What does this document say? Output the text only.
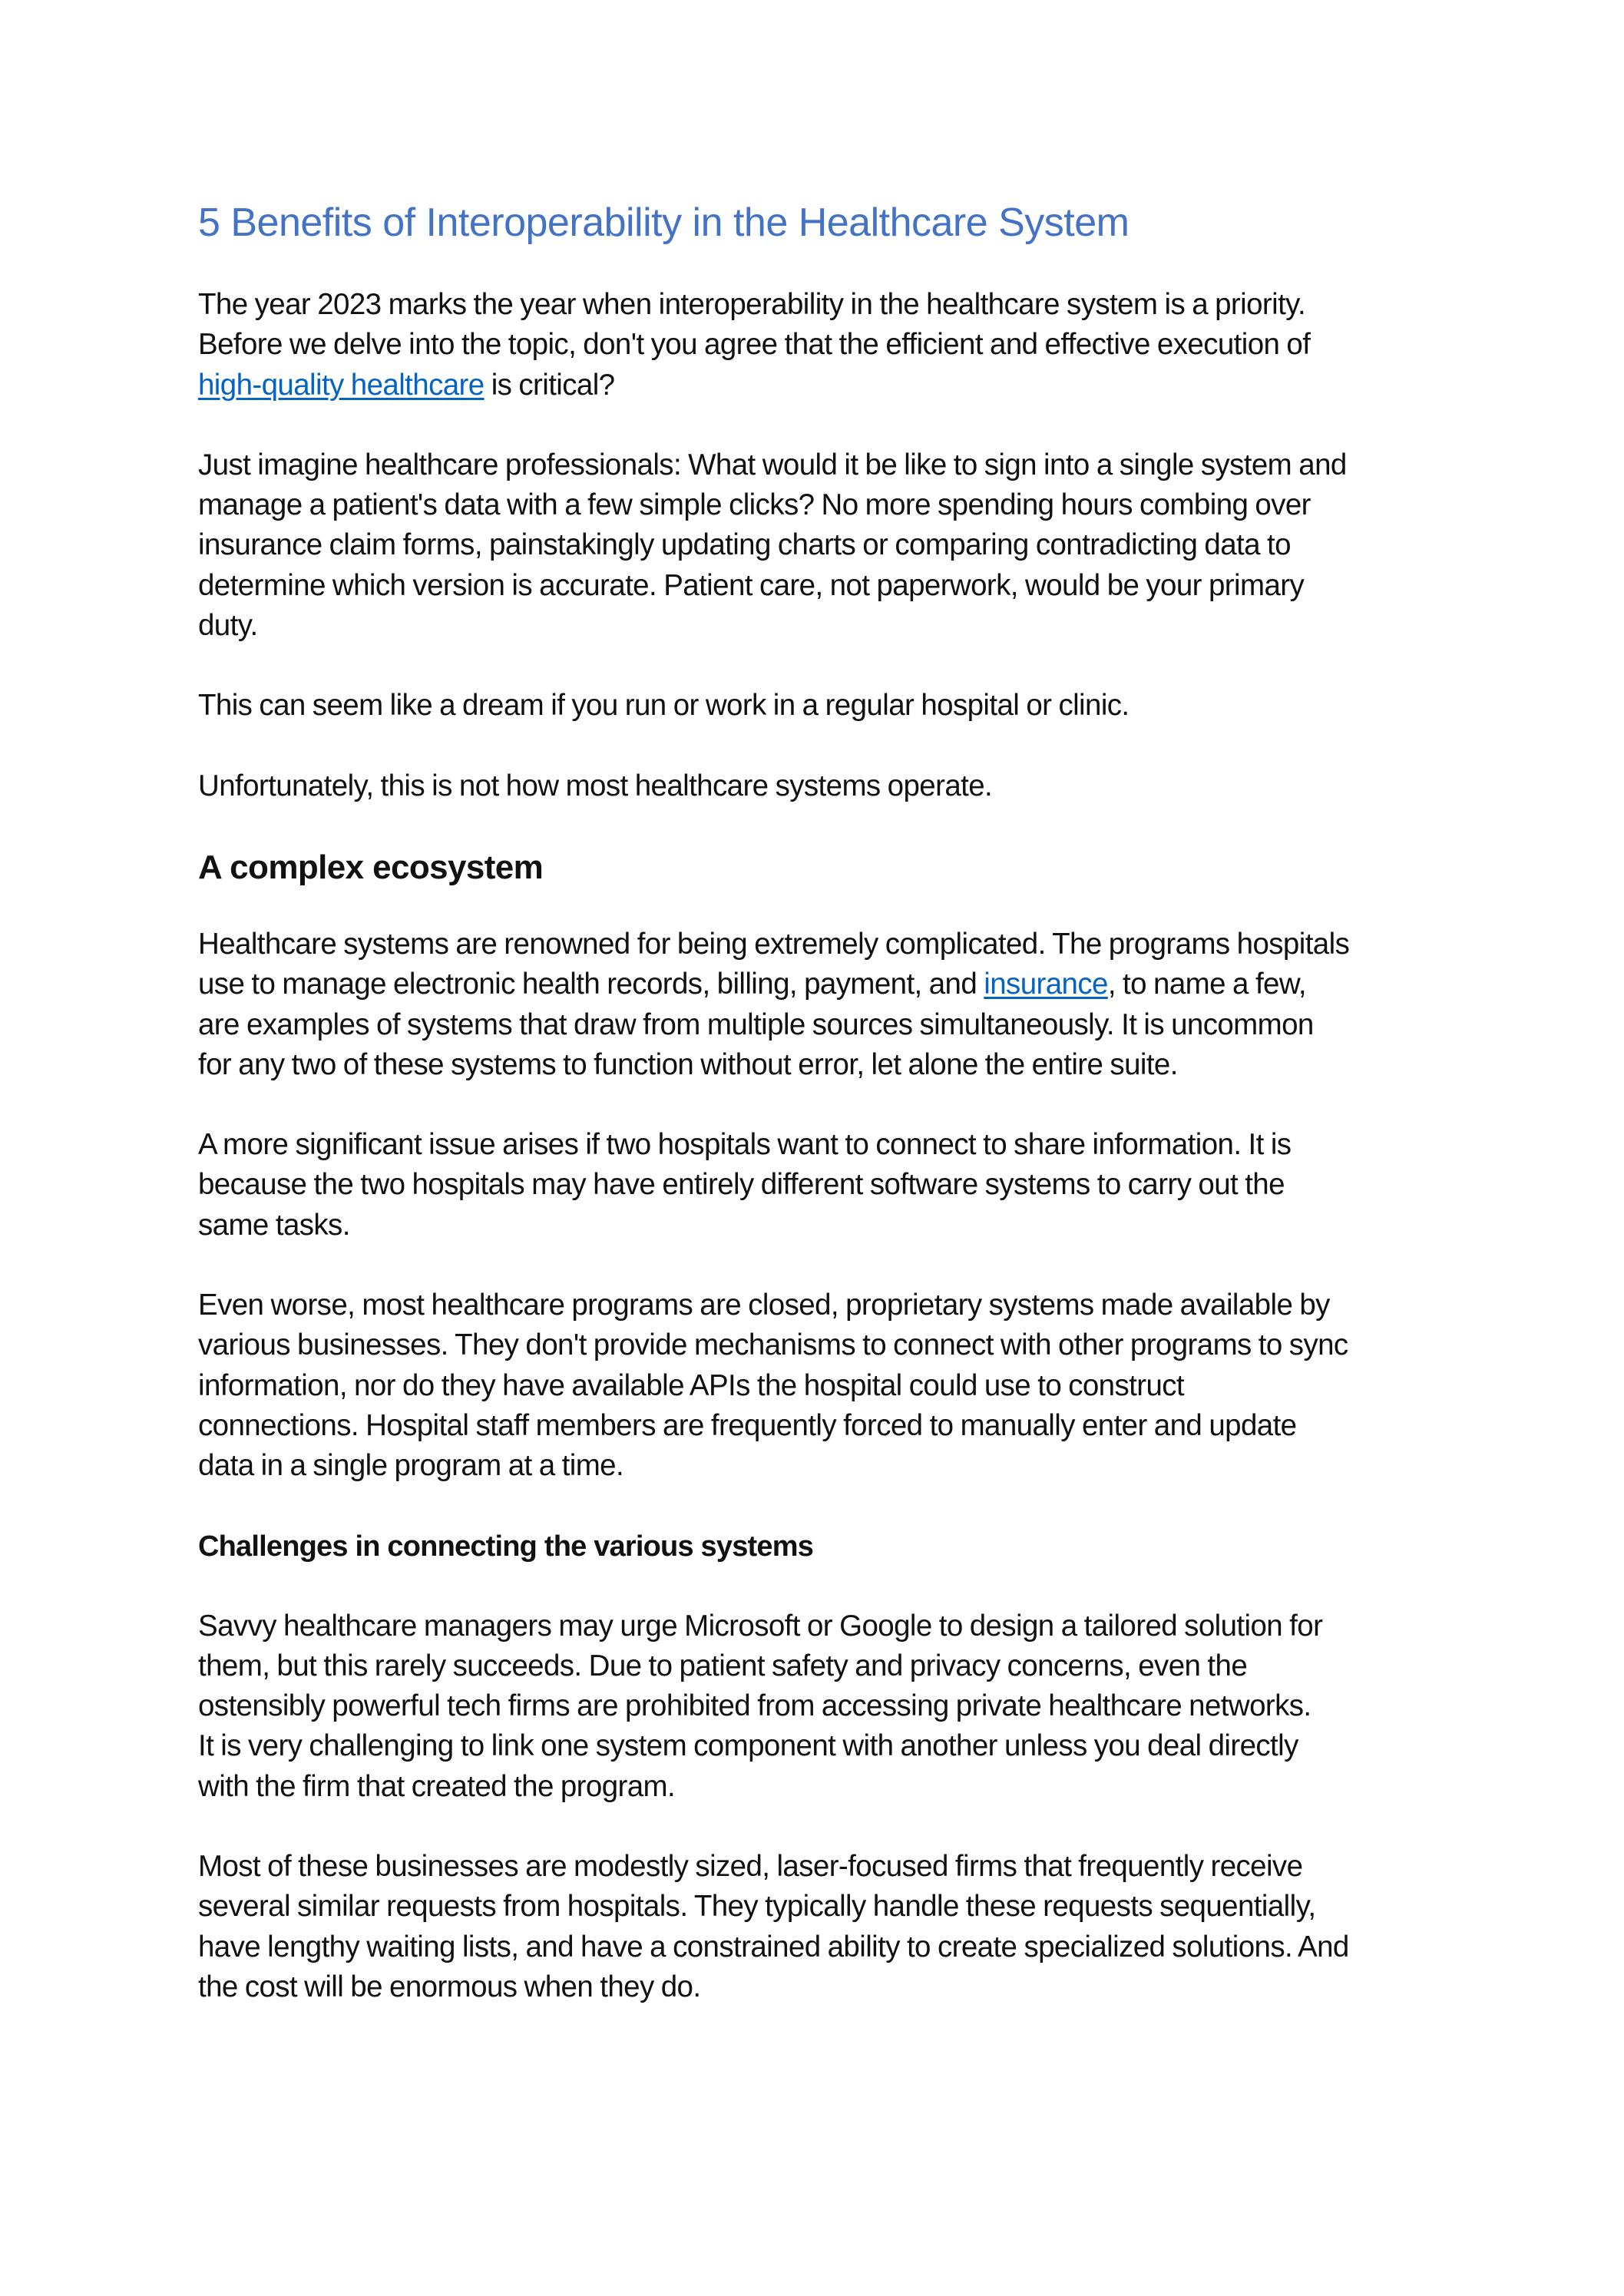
5 Benefits of Interoperability in the Healthcare System

The year 2023 marks the year when interoperability in the healthcare system is a priority.
Before we delve into the topic, don't you agree that the efficient and effective execution of
high-quality healthcare is critical?

Just imagine healthcare professionals: What would it be like to sign into a single system and
manage a patient's data with a few simple clicks? No more spending hours combing over
insurance claim forms, painstakingly updating charts or comparing contradicting data to
determine which version is accurate. Patient care, not paperwork, would be your primary
duty.

This can seem like a dream if you run or work in a regular hospital or clinic.

Unfortunately, this is not how most healthcare systems operate.

A complex ecosystem

Healthcare systems are renowned for being extremely complicated. The programs hospitals
use to manage electronic health records, billing, payment, and insurance, to name a few,
are examples of systems that draw from multiple sources simultaneously. It is uncommon
for any two of these systems to function without error, let alone the entire suite.

A more significant issue arises if two hospitals want to connect to share information. It is
because the two hospitals may have entirely different software systems to carry out the
same tasks.

Even worse, most healthcare programs are closed, proprietary systems made available by
various businesses. They don't provide mechanisms to connect with other programs to sync
information, nor do they have available APIs the hospital could use to construct
connections. Hospital staff members are frequently forced to manually enter and update
data in a single program at a time.

Challenges in connecting the various systems

Savvy healthcare managers may urge Microsoft or Google to design a tailored solution for
them, but this rarely succeeds. Due to patient safety and privacy concerns, even the
ostensibly powerful tech firms are prohibited from accessing private healthcare networks.
It is very challenging to link one system component with another unless you deal directly
with the firm that created the program.

Most of these businesses are modestly sized, laser-focused firms that frequently receive
several similar requests from hospitals. They typically handle these requests sequentially,
have lengthy waiting lists, and have a constrained ability to create specialized solutions. And
the cost will be enormous when they do.
